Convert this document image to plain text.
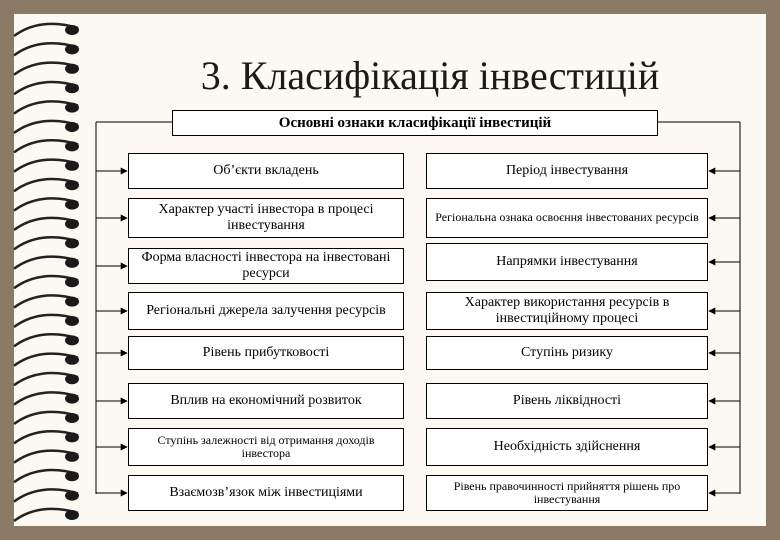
3. Класифікація інвестицій
Основні ознаки класифікації інвестицій
Об’єкти вкладень
Характер участі інвестора в процесі інвестування
Форма власності інвестора на інвестовані ресурси
Регіональні джерела залучення ресурсів
Рівень прибутковості
Вплив на економічний розвиток
Ступінь залежності від отримання доходів інвестора
Взаємозв’язок між інвестиціями
Період інвестування
Регіональна ознака освоєння інвестованих ресурсів
Напрямки інвестування
Характер використання ресурсів в інвестиційному процесі
Ступінь ризику
Рівень ліквідності
Необхідність здійснення
Рівень правочинності прийняття рішень про інвестування
